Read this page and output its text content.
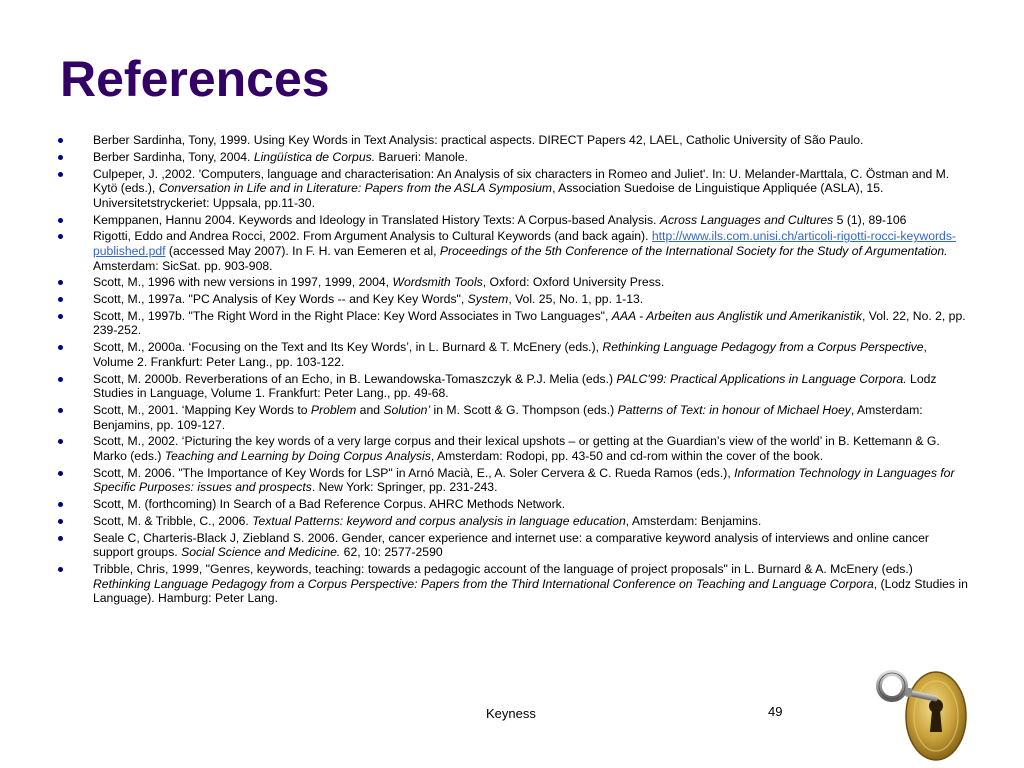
References
Berber Sardinha, Tony, 1999. Using Key Words in Text Analysis: practical aspects. DIRECT Papers 42, LAEL, Catholic University of São Paulo.
Berber Sardinha, Tony, 2004. Lingüística de Corpus. Barueri: Manole.
Culpeper, J. ,2002. 'Computers, language and characterisation: An Analysis of six characters in Romeo and Juliet'. In: U. Melander-Marttala, C. Östman and M. Kytö (eds.), Conversation in Life and in Literature: Papers from the ASLA Symposium, Association Suedoise de Linguistique Appliquée (ASLA), 15. Universitetstryckeriet: Uppsala, pp.11-30.
Kemppanen, Hannu 2004. Keywords and Ideology in Translated History Texts: A Corpus-based Analysis. Across Languages and Cultures 5 (1), 89-106
Rigotti, Eddo and Andrea Rocci, 2002. From Argument Analysis to Cultural Keywords (and back again). http://www.ils.com.unisi.ch/articoli-rigotti-rocci-keywords-published.pdf (accessed May 2007). In F. H. van Eemeren et al, Proceedings of the 5th Conference of the International Society for the Study of Argumentation. Amsterdam: SicSat. pp. 903-908.
Scott, M., 1996 with new versions in 1997, 1999, 2004, Wordsmith Tools, Oxford: Oxford University Press.
Scott, M., 1997a. "PC Analysis of Key Words -- and Key Key Words", System, Vol. 25, No. 1, pp. 1-13.
Scott, M., 1997b. "The Right Word in the Right Place: Key Word Associates in Two Languages", AAA - Arbeiten aus Anglistik und Amerikanistik, Vol. 22, No. 2, pp. 239-252.
Scott, M., 2000a. ‘Focusing on the Text and Its Key Words’, in L. Burnard & T. McEnery (eds.), Rethinking Language Pedagogy from a Corpus Perspective, Volume 2. Frankfurt: Peter Lang., pp. 103-122.
Scott, M. 2000b. Reverberations of an Echo, in B. Lewandowska-Tomaszczyk & P.J. Melia (eds.) PALC'99: Practical Applications in Language Corpora. Lodz Studies in Language, Volume 1. Frankfurt: Peter Lang., pp. 49-68.
Scott, M., 2001. ‘Mapping Key Words to Problem and Solution’ in M. Scott & G. Thompson (eds.) Patterns of Text: in honour of Michael Hoey, Amsterdam: Benjamins, pp. 109-127.
Scott, M., 2002. ‘Picturing the key words of a very large corpus and their lexical upshots – or getting at the Guardian’s view of the world’ in B. Kettemann & G. Marko (eds.) Teaching and Learning by Doing Corpus Analysis, Amsterdam: Rodopi, pp. 43-50 and cd-rom within the cover of the book.
Scott, M. 2006. "The Importance of Key Words for LSP" in Arnó Macià, E., A. Soler Cervera & C. Rueda Ramos (eds.), Information Technology in Languages for Specific Purposes: issues and prospects. New York: Springer, pp. 231-243.
Scott, M. (forthcoming) In Search of a Bad Reference Corpus. AHRC Methods Network.
Scott, M. & Tribble, C., 2006. Textual Patterns: keyword and corpus analysis in language education, Amsterdam: Benjamins.
Seale C, Charteris-Black J, Ziebland S. 2006. Gender, cancer experience and internet use: a comparative keyword analysis of interviews and online cancer support groups. Social Science and Medicine. 62, 10: 2577-2590
Tribble, Chris, 1999, "Genres, keywords, teaching: towards a pedagogic account of the language of project proposals" in L. Burnard & A. McEnery (eds.) Rethinking Language Pedagogy from a Corpus Perspective: Papers from the Third International Conference on Teaching and Language Corpora, (Lodz Studies in Language). Hamburg: Peter Lang.
Keyness	49
